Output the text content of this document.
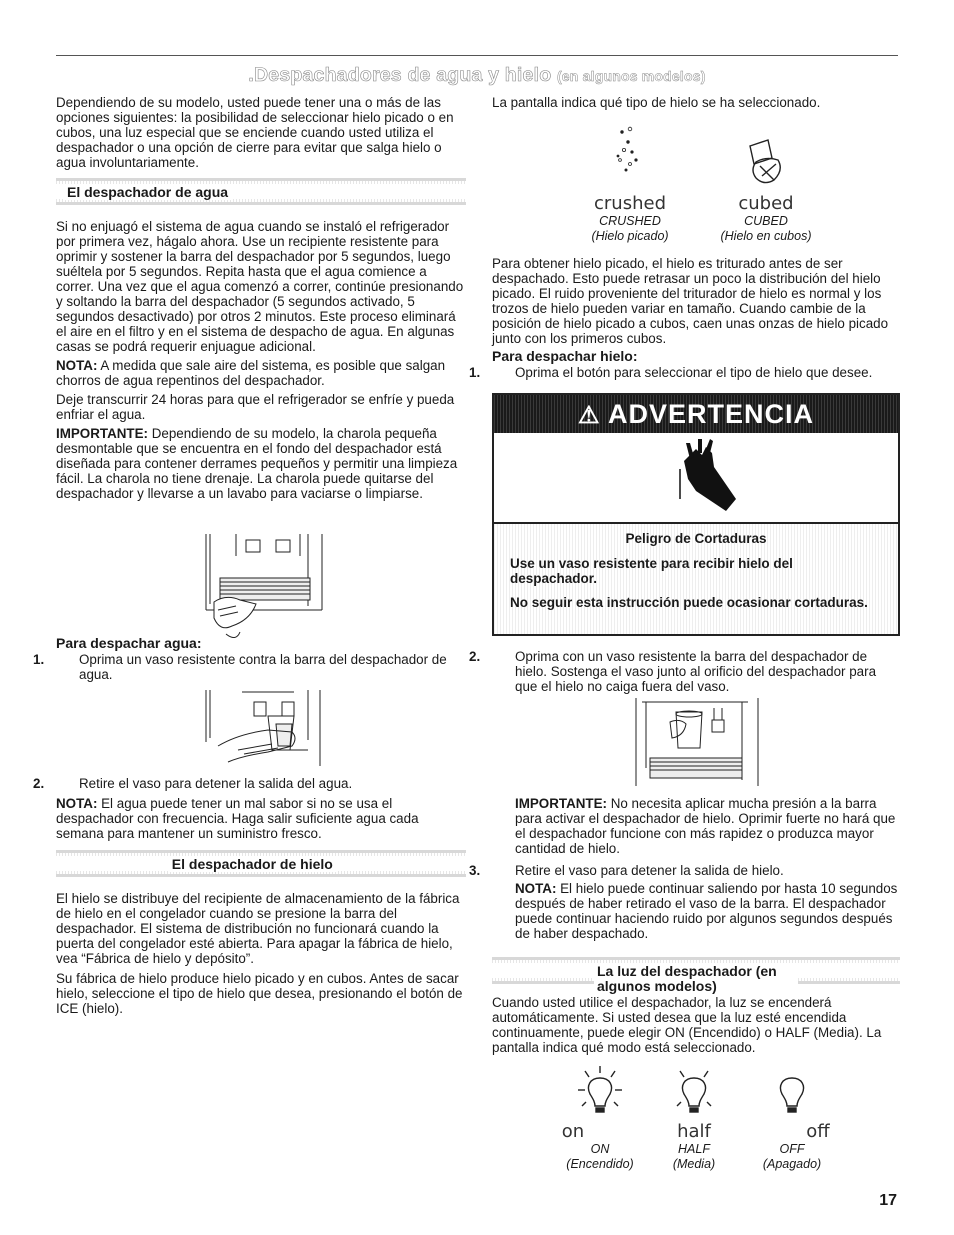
.Despachadores de agua y hielo (en algunos modelos)

Dependiendo de su modelo, usted puede tener una o más de las opciones siguientes: la posibilidad de seleccionar hielo picado o en cubos, una luz especial que se enciende cuando usted utiliza el despachador o una opción de cierre para evitar que salga hielo o agua involuntariamente.

El despachador de agua

Si no enjuagó el sistema de agua cuando se instaló el refrigerador por primera vez, hágalo ahora. Use un recipiente resistente para oprimir y sostener la barra del despachador por 5 segundos, luego suéltela por 5 segundos. Repita hasta que el agua comience a correr. Una vez que el agua comenzó a correr, continúe presionando y soltando la barra del despachador (5 segundos activado, 5 segundos desactivado) por otros 2 minutos. Este proceso eliminará el aire en el filtro y en el sistema de despacho de agua. En algunas casas se podrá requerir enjuague adicional.

NOTA: A medida que sale aire del sistema, es posible que salgan chorros de agua repentinos del despachador.

Deje transcurrir 24 horas para que el refrigerador se enfríe y pueda enfriar el agua.

IMPORTANTE: Dependiendo de su modelo, la charola pequeña desmontable que se encuentra en el fondo del despachador está diseñada para contener derrames pequeños y permitir una limpieza fácil. La charola no tiene drenaje. La charola puede quitarse del despachador y llevarse a un lavabo para vaciarse o limpiarse.

Para despachar agua:
1.	Oprima un vaso resistente contra la barra del despachador de agua.
2.	Retire el vaso para detener la salida del agua.

NOTA: El agua puede tener un mal sabor si no se usa el despachador con frecuencia. Haga salir suficiente agua cada semana para mantener un suministro fresco.

El despachador de hielo

El hielo se distribuye del recipiente de almacenamiento de la fábrica de hielo en el congelador cuando se presione la barra del despachador. El sistema de distribución no funcionará cuando la puerta del congelador esté abierta. Para apagar la fábrica de hielo, vea “Fábrica de hielo y depósito”.

Su fábrica de hielo produce hielo picado y en cubos. Antes de sacar hielo, seleccione el tipo de hielo que desea, presionando el botón de ICE (hielo).

La pantalla indica qué tipo de hielo se ha seleccionado.
crushed
CRUSHED
(Hielo picado)
cubed
CUBED
(Hielo en cubos)

Para obtener hielo picado, el hielo es triturado antes de ser despachado. Esto puede retrasar un poco la distribución del hielo picado. El ruido proveniente del triturador de hielo es normal y los trozos de hielo pueden variar en tamaño. Cuando cambie de la posición de hielo picado a cubos, caen unas onzas de hielo picado junto con los primeros cubos.

Para despachar hielo:
1.	Oprima el botón para seleccionar el tipo de hielo que desee.
⚠ ADVERTENCIA
Peligro de Cortaduras

Use un vaso resistente para recibir hielo del despachador.

No seguir esta instrucción puede ocasionar cortaduras.

2.	Oprima con un vaso resistente la barra del despachador de hielo. Sostenga el vaso junto al orificio del despachador para que el hielo no caiga fuera del vaso.

IMPORTANTE: No necesita aplicar mucha presión a la barra para activar el despachador de hielo. Oprimir fuerte no hará que el despachador funcione con más rapidez o produzca mayor cantidad de hielo.

3.	Retire el vaso para detener la salida de hielo.

NOTA: El hielo puede continuar saliendo por hasta 10 segundos después de haber retirado el vaso de la barra. El despachador puede continuar haciendo ruido por algunos segundos después de haber despachado.

La luz del despachador (en algunos modelos)
Cuando usted utilice el despachador, la luz se encenderá automáticamente. Si usted desea que la luz esté encendida continuamente, puede elegir ON (Encendido) o HALF (Media). La pantalla indica qué modo está seleccionado.
on
ON
(Encendido)
half
HALF
(Media)
off
OFF
(Apagado)
17
